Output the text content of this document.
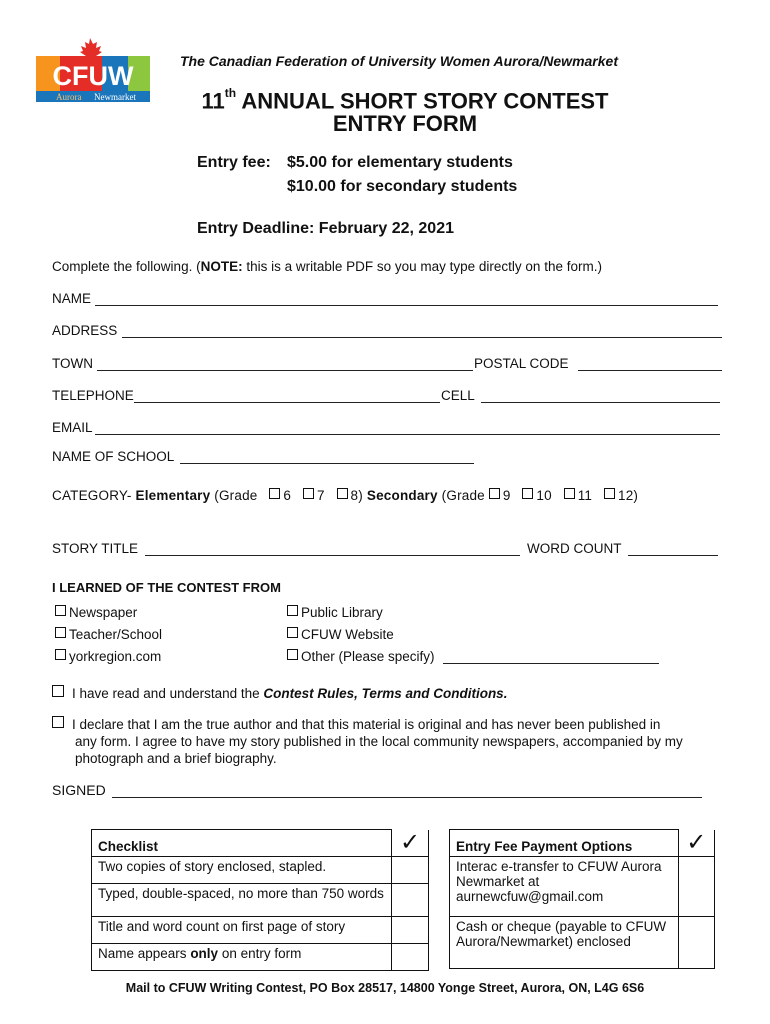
CFUW
Aurora Newmarket
The Canadian Federation of University Women Aurora/Newmarket
11th ANNUAL SHORT STORY CONTEST
ENTRY FORM
Entry fee: $5.00 for elementary students
$10.00 for secondary students
Entry Deadline: February 22, 2021
Complete the following. (NOTE: this is a writable PDF so you may type directly on the form.)
NAME
ADDRESS
TOWN	POSTAL CODE
TELEPHONE	CELL
EMAIL
NAME OF SCHOOL
CATEGORY- Elementary (Grade 6 7 8) Secondary (Grade 9 10 11 12)
STORY TITLE	WORD COUNT
I LEARNED OF THE CONTEST FROM
Newspaper
Teacher/School
yorkregion.com
Public Library
CFUW Website
Other (Please specify)
I have read and understand the Contest Rules, Terms and Conditions.
I declare that I am the true author and that this material is original and has never been published in
any form. I agree to have my story published in the local community newspapers, accompanied by my
photograph and a brief biography.
SIGNED
Checklist	✓
Two copies of story enclosed, stapled.	
Typed, double-spaced, no more than 750 words	
Title and word count on first page of story	
Name appears only on entry form	
Entry Fee Payment Options	✓

Interac e-transfer to CFUW Aurora
Newmarket at
aurnewcfuw@gmail.com	

Cash or cheque (payable to CFUW
Aurora/Newmarket) enclosed	

Mail to CFUW Writing Contest, PO Box 28517, 14800 Yonge Street, Aurora, ON, L4G 6S6
